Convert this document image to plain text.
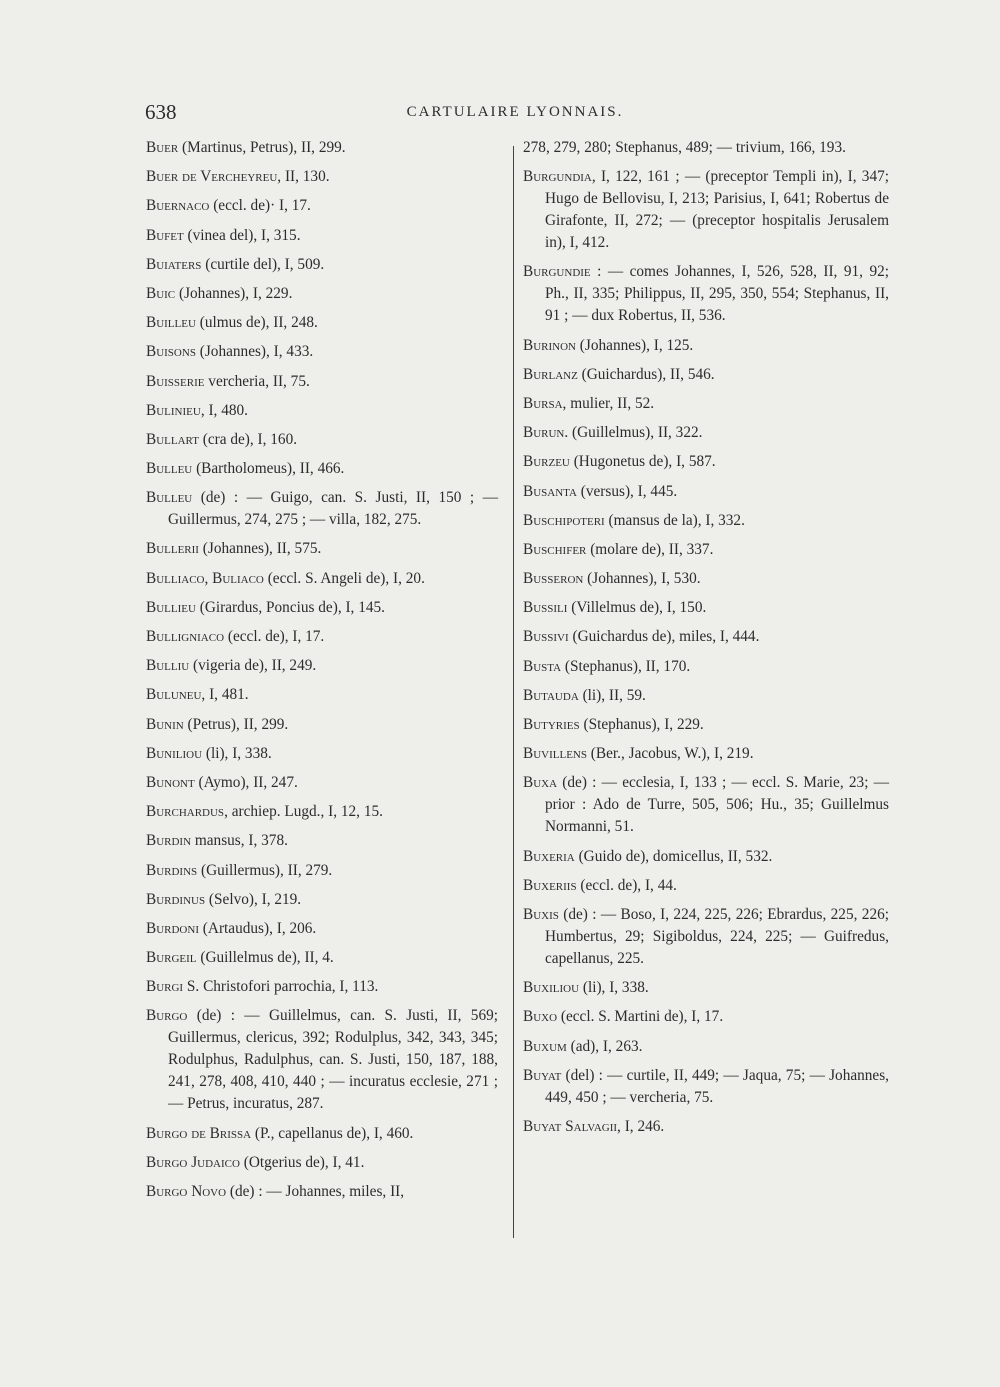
638	CARTULAIRE LYONNAIS.
Buer (Martinus, Petrus), II, 299.
Buer de Vercheyreu, II, 130.
Buernaco (eccl. de)· I, 17.
Bufet (vinea del), I, 315.
Buiaters (curtile del), I, 509.
Buic (Johannes), I, 229.
Builleu (ulmus de), II, 248.
Buisons (Johannes), I, 433.
Buisserie vercheria, II, 75.
Bulinieu, I, 480.
Bullart (cra de), I, 160.
Bulleu (Bartholomeus), II, 466.
Bulleu (de) : — Guigo, can. S. Justi, II, 150 ; — Guillermus, 274, 275 ; — villa, 182, 275.
Bullerii (Johannes), II, 575.
Bulliaco, Buliaco (eccl. S. Angeli de), I, 20.
Bullieu (Girardus, Poncius de), I, 145.
Bulligniaco (eccl. de), I, 17.
Bulliu (vigeria de), II, 249.
Buluneu, I, 481.
Bunin (Petrus), II, 299.
Buniliou (li), I, 338.
Bunont (Aymo), II, 247.
Burchardus, archiep. Lugd., I, 12, 15.
Burdin mansus, I, 378.
Burdins (Guillermus), II, 279.
Burdinus (Selvo), I, 219.
Burdoni (Artaudus), I, 206.
Burgeil (Guillelmus de), II, 4.
Burgi S. Christofori parrochia, I, 113.
Burgo (de) : — Guillelmus, can. S. Justi, II, 569; Guillermus, clericus, 392; Rodulplus, 342, 343, 345; Rodulphus, Radulphus, can. S. Justi, 150, 187, 188, 241, 278, 408, 410, 440 ; — incuratus ecclesie, 271 ; — Petrus, incuratus, 287.
Burgo de Brissa (P., capellanus de), I, 460.
Burgo Judaico (Otgerius de), I, 41.
Burgo Novo (de) : — Johannes, miles, II,
278, 279, 280; Stephanus, 489; — trivium, 166, 193.
Burgundia, I, 122, 161 ; — (preceptor Templi in), I, 347; Hugo de Bellovisu, I, 213; Parisius, I, 641; Robertus de Girafonte, II, 272; — (preceptor hospitalis Jerusalem in), I, 412.
Burgundie : — comes Johannes, I, 526, 528, II, 91, 92; Ph., II, 335; Philippus, II, 295, 350, 554; Stephanus, II, 91 ; — dux Robertus, II, 536.
Burinon (Johannes), I, 125.
Burlanz (Guichardus), II, 546.
Bursa, mulier, II, 52.
Burun. (Guillelmus), II, 322.
Burzeu (Hugonetus de), I, 587.
Busanta (versus), I, 445.
Buschipoteri (mansus de la), I, 332.
Buschifer (molare de), II, 337.
Busseron (Johannes), I, 530.
Bussili (Villelmus de), I, 150.
Bussivi (Guichardus de), miles, I, 444.
Busta (Stephanus), II, 170.
Butauda (li), II, 59.
Butyries (Stephanus), I, 229.
Buvillens (Ber., Jacobus, W.), I, 219.
Buxa (de) : — ecclesia, I, 133 ; — eccl. S. Marie, 23; — prior : Ado de Turre, 505, 506; Hu., 35; Guillelmus Normanni, 51.
Buxeria (Guido de), domicellus, II, 532.
Buxeriis (eccl. de), I, 44.
Buxis (de) : — Boso, I, 224, 225, 226; Ebrardus, 225, 226; Humbertus, 29; Sigiboldus, 224, 225; — Guifredus, capellanus, 225.
Buxiliou (li), I, 338.
Buxo (eccl. S. Martini de), I, 17.
Buxum (ad), I, 263.
Buyat (del) : — curtile, II, 449; — Jaqua, 75; — Johannes, 449, 450 ; — vercheria, 75.
Buyat Salvagii, I, 246.
